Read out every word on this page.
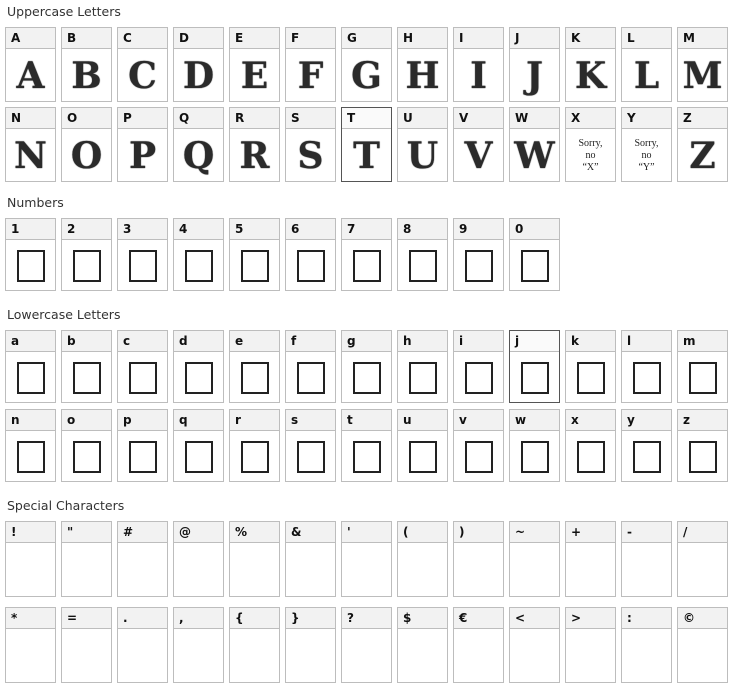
Uppercase Letters
A
A
B
B
C
C
D
D
E
E
F
F
G
G
H
H
I
I
J
J
K
K
L
L
M
M
N
N
O
O
P
P
Q
Q
R
R
S
S
T
T
U
U
V
V
W
W
X
Sorry,
no
“X”
Y
Sorry,
no
“Y”
Z
Z
Numbers
1	2	3	4	5	6	7	8	9	0
Lowercase Letters
a	b	c	d	e	f	g	h	i	j	k	l	m
n	o	p	q	r	s	t	u	v	w	x	y	z
Special Characters
!	"	#	@	%	&	'	(	)	~	+	-	/
*	=	.	,	{	}	?	$	€	<	>	:	©
